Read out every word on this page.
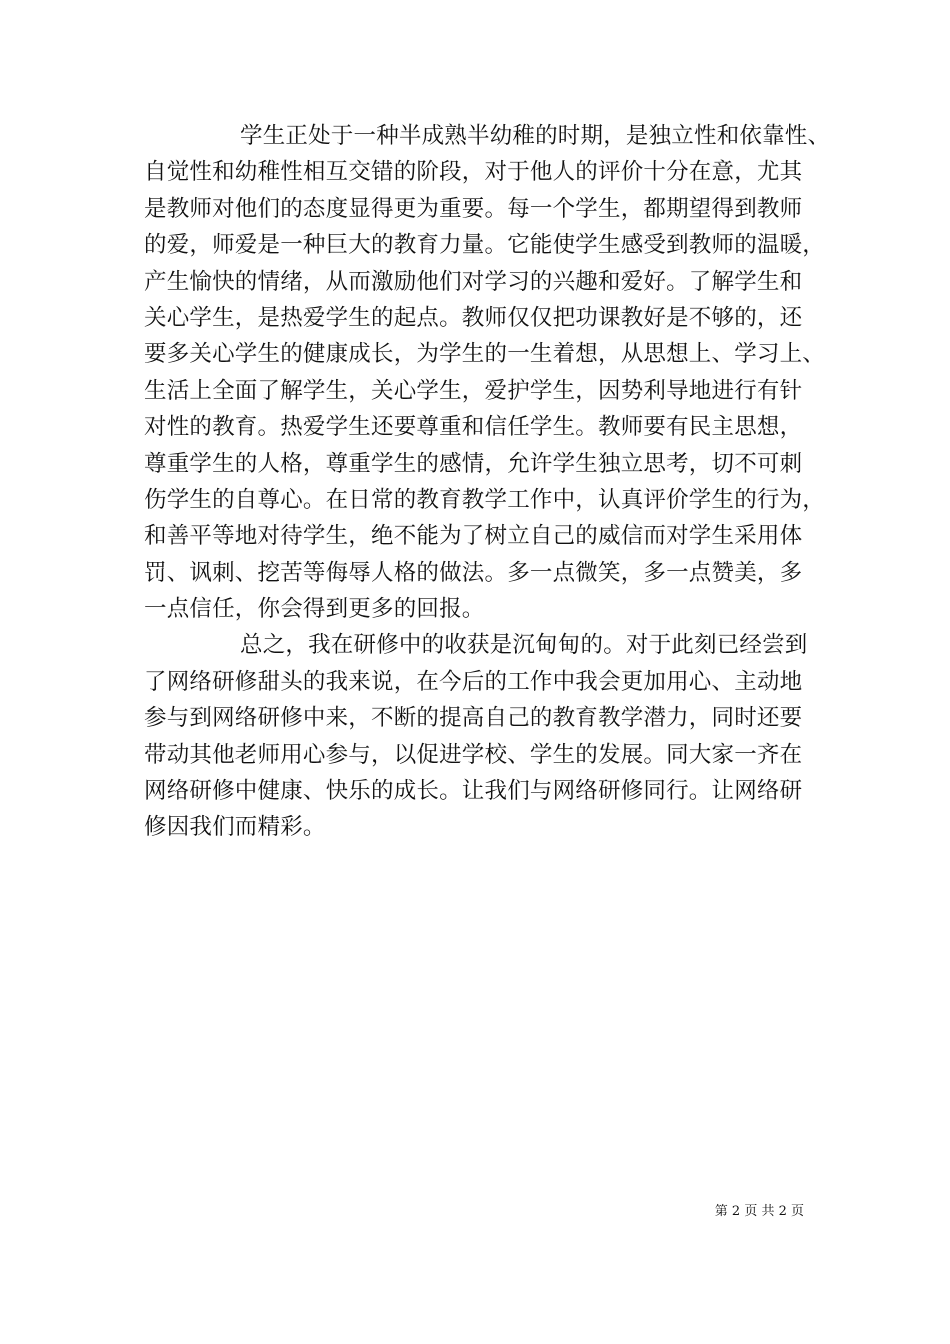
学生正处于一种半成熟半幼稚的时期，是独立性和依靠性、
自觉性和幼稚性相互交错的阶段，对于他人的评价十分在意，尤其
是教师对他们的态度显得更为重要。每一个学生，都期望得到教师
的爱，师爱是一种巨大的教育力量。它能使学生感受到教师的温暖，
产生愉快的情绪，从而激励他们对学习的兴趣和爱好。了解学生和
关心学生，是热爱学生的起点。教师仅仅把功课教好是不够的，还
要多关心学生的健康成长，为学生的一生着想，从思想上、学习上、
生活上全面了解学生，关心学生，爱护学生，因势利导地进行有针
对性的教育。热爱学生还要尊重和信任学生。教师要有民主思想，
尊重学生的人格，尊重学生的感情，允许学生独立思考，切不可刺
伤学生的自尊心。在日常的教育教学工作中，认真评价学生的行为，
和善平等地对待学生，绝不能为了树立自己的威信而对学生采用体
罚、讽刺、挖苦等侮辱人格的做法。多一点微笑，多一点赞美，多
一点信任，你会得到更多的回报。
总之，我在研修中的收获是沉甸甸的。对于此刻已经尝到
了网络研修甜头的我来说，在今后的工作中我会更加用心、主动地
参与到网络研修中来，不断的提高自己的教育教学潜力，同时还要
带动其他老师用心参与，以促进学校、学生的发展。同大家一齐在
网络研修中健康、快乐的成长。让我们与网络研修同行。让网络研
修因我们而精彩。
第 2 页 共 2 页
